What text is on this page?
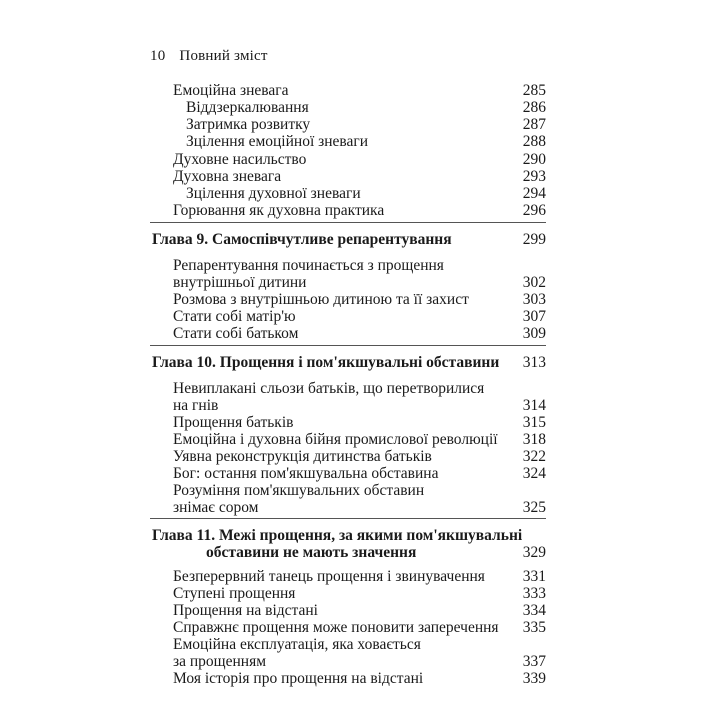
10 Повний зміст
Емоційна зневага	285
Віддзеркалювання	286
Затримка розвитку	287
Зцілення емоційної зневаги	288
Духовне насильство	290
Духовна зневага	293
Зцілення духовної зневаги	294
Горювання як духовна практика	296
Глава 9. Самоспівчутливе репарентування	299
Репарентування починається з прощення
внутрішньої дитини	302
Розмова з внутрішньою дитиною та її захист	303
Стати собі матір'ю	307
Стати собі батьком	309
Глава 10. Прощення і пом'якшувальні обставини 313
Невиплакані сльози батьків, що перетворилися
на гнів	314
Прощення батьків	315
Емоційна і духовна бійня промислової революції 318
Уявна реконструкція дитинства батьків	322
Бог: остання пом'якшувальна обставина	324
Розуміння пом'якшувальних обставин
знімає сором	325
Глава 11. Межі прощення, за якими пом'якшувальні
обставини не мають значення	329
Безперервний танець прощення і звинувачення 331
Ступені прощення	333
Прощення на відстані	334
Справжнє прощення може поновити заперечення 335
Емоційна експлуатація, яка ховається
за прощенням	337
Моя історія про прощення на відстані	339
